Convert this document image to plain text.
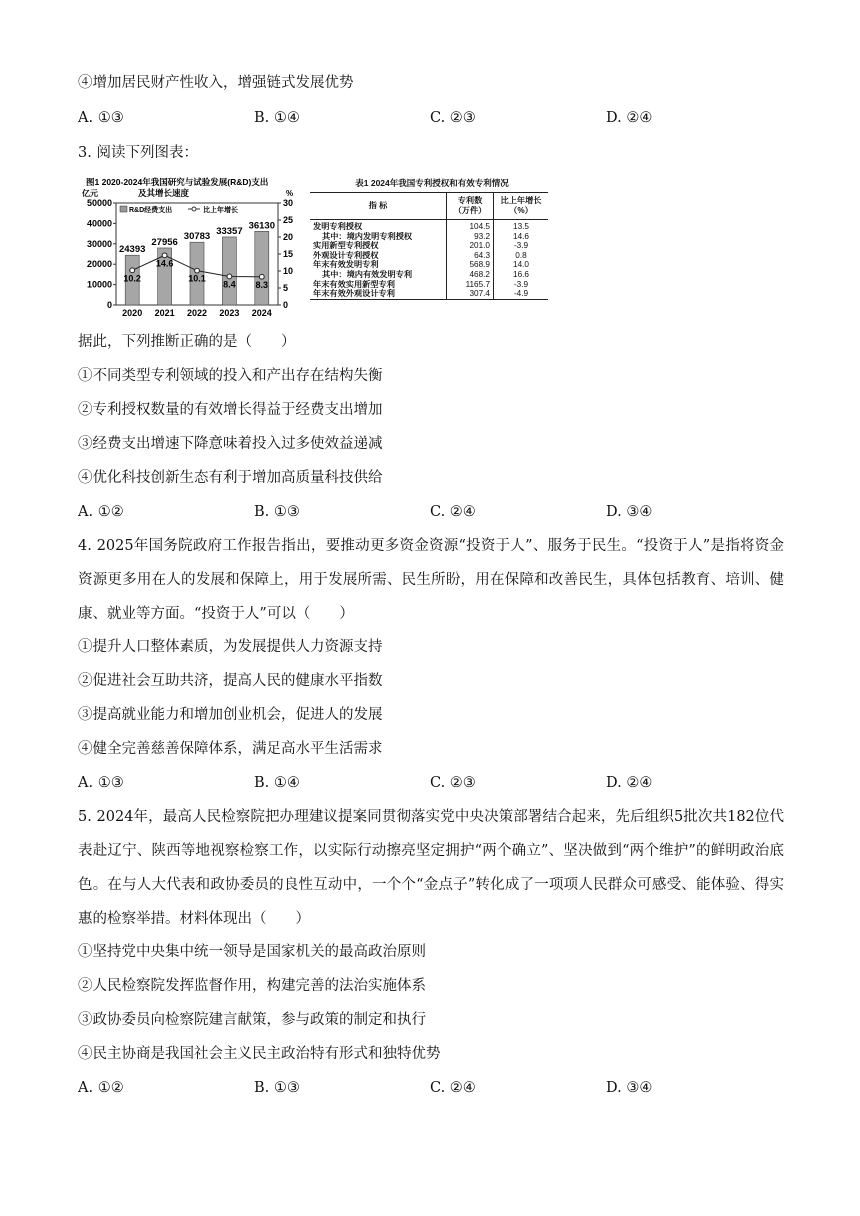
④增加居民财产性收入，增强链式发展优势
A. ①③	B. ①④	C. ②③	D. ②④
3. 阅读下列图表：
图1 2020-2024年我国研究与试验发展(R&D)支出
及其增长速度
亿元	%
50000
40000
30000
20000
10000
0
30
25
20
15
10
5
0
R&D经费支出	比上年增长
24393
2020
27956
2021
30783
2022
33357
2023
36130
2024
10.2
14.6
10.1
8.4 8.3
表1 2024年我国专利授权和有效专利情况
指 标	专利数（万件）	比上年增长（%）
发明专利授权	104.5	13.5
其中：境内发明专利授权	93.2	14.6
实用新型专利授权	201.0	-3.9
外观设计专利授权	64.3	0.8
年末有效发明专利	568.9	14.0
其中：境内有效发明专利	468.2	16.6
年末有效实用新型专利	1165.7	-3.9
年末有效外观设计专利	307.4	-4.9
据此，下列推断正确的是（　　）
①不同类型专利领域的投入和产出存在结构失衡
②专利授权数量的有效增长得益于经费支出增加
③经费支出增速下降意味着投入过多使效益递减
④优化科技创新生态有利于增加高质量科技供给
A. ①②	B. ①③	C. ②④	D. ③④
4. 2025年国务院政府工作报告指出，要推动更多资金资源“投资于人”、服务于民生。“投资于人”是指将资金资源更多用在人的发展和保障上，用于发展所需、民生所盼，用在保障和改善民生，具体包括教育、培训、健康、就业等方面。“投资于人”可以（　　）
①提升人口整体素质，为发展提供人力资源支持
②促进社会互助共济，提高人民的健康水平指数
③提高就业能力和增加创业机会，促进人的发展
④健全完善慈善保障体系，满足高水平生活需求
A. ①③	B. ①④	C. ②③	D. ②④
5. 2024年，最高人民检察院把办理建议提案同贯彻落实党中央决策部署结合起来，先后组织5批次共182位代表赴辽宁、陕西等地视察检察工作，以实际行动擦亮坚定拥护“两个确立”、坚决做到“两个维护”的鲜明政治底色。在与人大代表和政协委员的良性互动中，一个个“金点子”转化成了一项项人民群众可感受、能体验、得实惠的检察举措。材料体现出（　　）
①坚持党中央集中统一领导是国家机关的最高政治原则
②人民检察院发挥监督作用，构建完善的法治实施体系
③政协委员向检察院建言献策，参与政策的制定和执行
④民主协商是我国社会主义民主政治特有形式和独特优势
A. ①②	B. ①③	C. ②④	D. ③④
